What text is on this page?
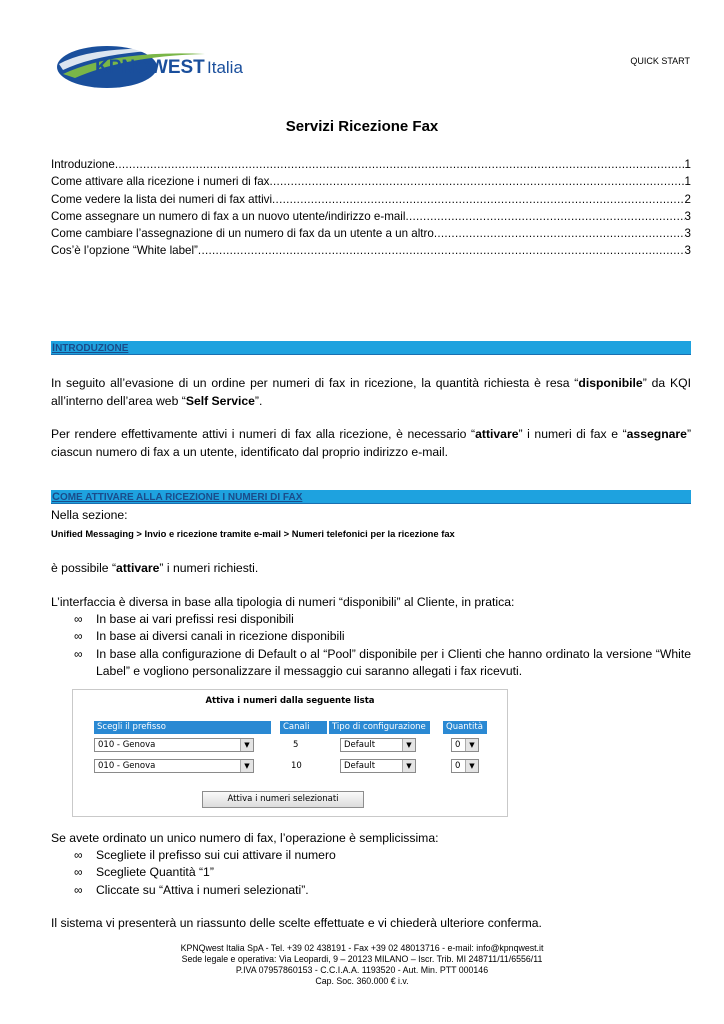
KPNQWEST Italia	QUICK START
Servizi Ricezione Fax
Introduzione .....	1
Come attivare alla ricezione i numeri di fax .....	1
Come vedere la lista dei numeri di fax attivi .....	2
Come assegnare un numero di fax a un nuovo utente/indirizzo e-mail .....	3
Come cambiare l’assegnazione di un numero di fax da un utente a un altro .....	3
Cos’è l’opzione “White label” .....	3
INTRODUZIONE
In seguito all’evasione di un ordine per numeri di fax in ricezione, la quantità richiesta è resa “disponibile” da KQI all’interno dell’area web “Self Service”.
Per rendere effettivamente attivi i numeri di fax alla ricezione, è necessario “attivare” i numeri di fax e “assegnare” ciascun numero di fax a un utente, identificato dal proprio indirizzo e-mail.
COME ATTIVARE ALLA RICEZIONE I NUMERI DI FAX
Nella sezione:
Unified Messaging > Invio e ricezione tramite e-mail > Numeri telefonici per la ricezione fax
è possibile “attivare” i numeri richiesti.
L’interfaccia è diversa in base alla tipologia di numeri “disponibili” al Cliente, in pratica:
∞ In base ai vari prefissi resi disponibili
∞ In base ai diversi canali in ricezione disponibili
∞ In base alla configurazione di Default o al “Pool” disponibile per i Clienti che hanno ordinato la versione “White Label” e vogliono personalizzare il messaggio cui saranno allegati i fax ricevuti.
Attiva i numeri dalla seguente lista
Scegli il prefisso	Canali	Tipo di configurazione	Quantità
010 - Genova	▼	5	Default	▼	0	▼
010 - Genova	▼	10	Default	▼	0	▼
Attiva i numeri selezionati
Se avete ordinato un unico numero di fax, l’operazione è semplicissima:
∞ Scegliete il prefisso sui cui attivare il numero
∞ Scegliete Quantità “1”
∞ Cliccate su “Attiva i numeri selezionati”.
Il sistema vi presenterà un riassunto delle scelte effettuate e vi chiederà ulteriore conferma.
KPNQwest Italia SpA - Tel. +39 02 438191 - Fax +39 02 48013716 - e-mail: info@kpnqwest.it
Sede legale e operativa: Via Leopardi, 9 – 20123 MILANO – Iscr. Trib. MI 248711/11/6556/11
P.IVA 07957860153 - C.C.I.A.A. 1193520 - Aut. Min. PTT 000146
Cap. Soc. 360.000 € i.v.
